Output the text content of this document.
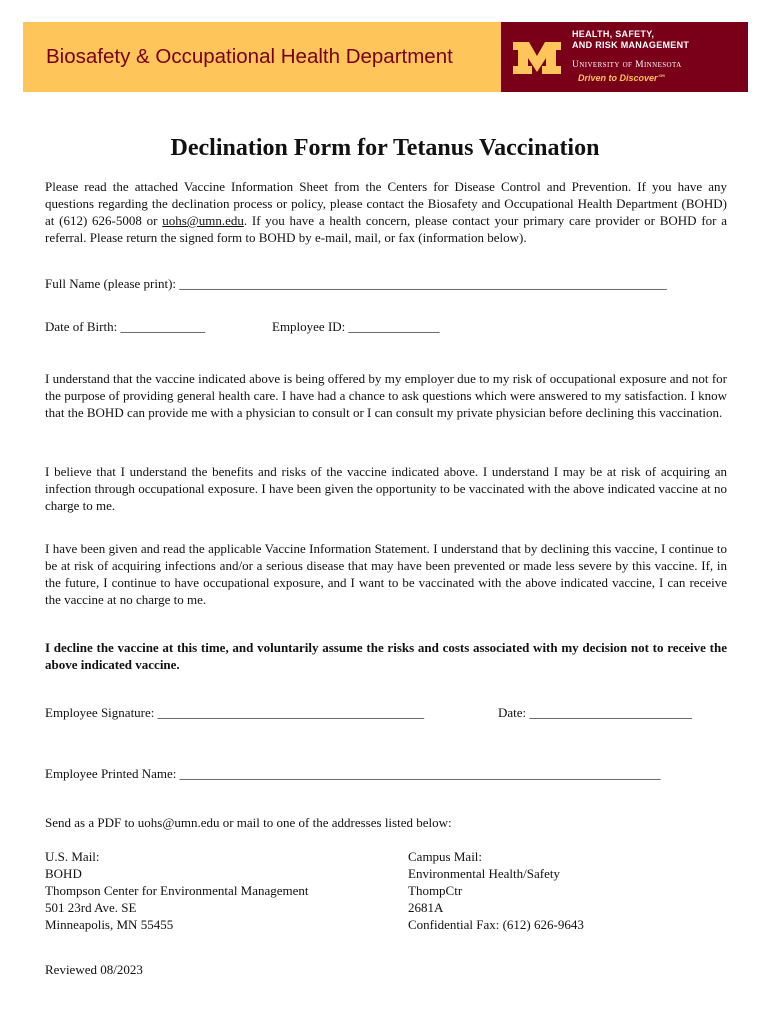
Biosafety & Occupational Health Department
HEALTH, SAFETY,
AND RISK MANAGEMENT
University of Minnesota
Driven to Discover℠
Declination Form for Tetanus Vaccination

Please read the attached Vaccine Information Sheet from the Centers for Disease Control and Prevention. If you have any questions regarding the declination process or policy, please contact the Biosafety and Occupational Health Department (BOHD) at (612) 626-5008 or uohs@umn.edu. If you have a health concern, please contact your primary care provider or BOHD for a referral. Please return the signed form to BOHD by e-mail, mail, or fax (information below).

Full Name (please print): ___________________________________________________________________________
Date of Birth: _____________	Employee ID: ______________

I understand that the vaccine indicated above is being offered by my employer due to my risk of occupational exposure and not for the purpose of providing general health care. I have had a chance to ask questions which were answered to my satisfaction. I know that the BOHD can provide me with a physician to consult or I can consult my private physician before declining this vaccination.

I believe that I understand the benefits and risks of the vaccine indicated above. I understand I may be at risk of acquiring an infection through occupational exposure. I have been given the opportunity to be vaccinated with the above indicated vaccine at no charge to me.

I have been given and read the applicable Vaccine Information Statement. I understand that by declining this vaccine, I continue to be at risk of acquiring infections and/or a serious disease that may have been prevented or made less severe by this vaccine. If, in the future, I continue to have occupational exposure, and I want to be vaccinated with the above indicated vaccine, I can receive the vaccine at no charge to me.

I decline the vaccine at this time, and voluntarily assume the risks and costs associated with my decision not to receive the above indicated vaccine.

Employee Signature: _________________________________________	Date: _________________________
Employee Printed Name: __________________________________________________________________________
Send as a PDF to uohs@umn.edu or mail to one of the addresses listed below:
U.S. Mail:
BOHD
Thompson Center for Environmental Management
501 23rd Ave. SE
Minneapolis, MN 55455
Campus Mail:
Environmental Health/Safety
ThompCtr
2681A
Confidential Fax: (612) 626-9643
Reviewed 08/2023
